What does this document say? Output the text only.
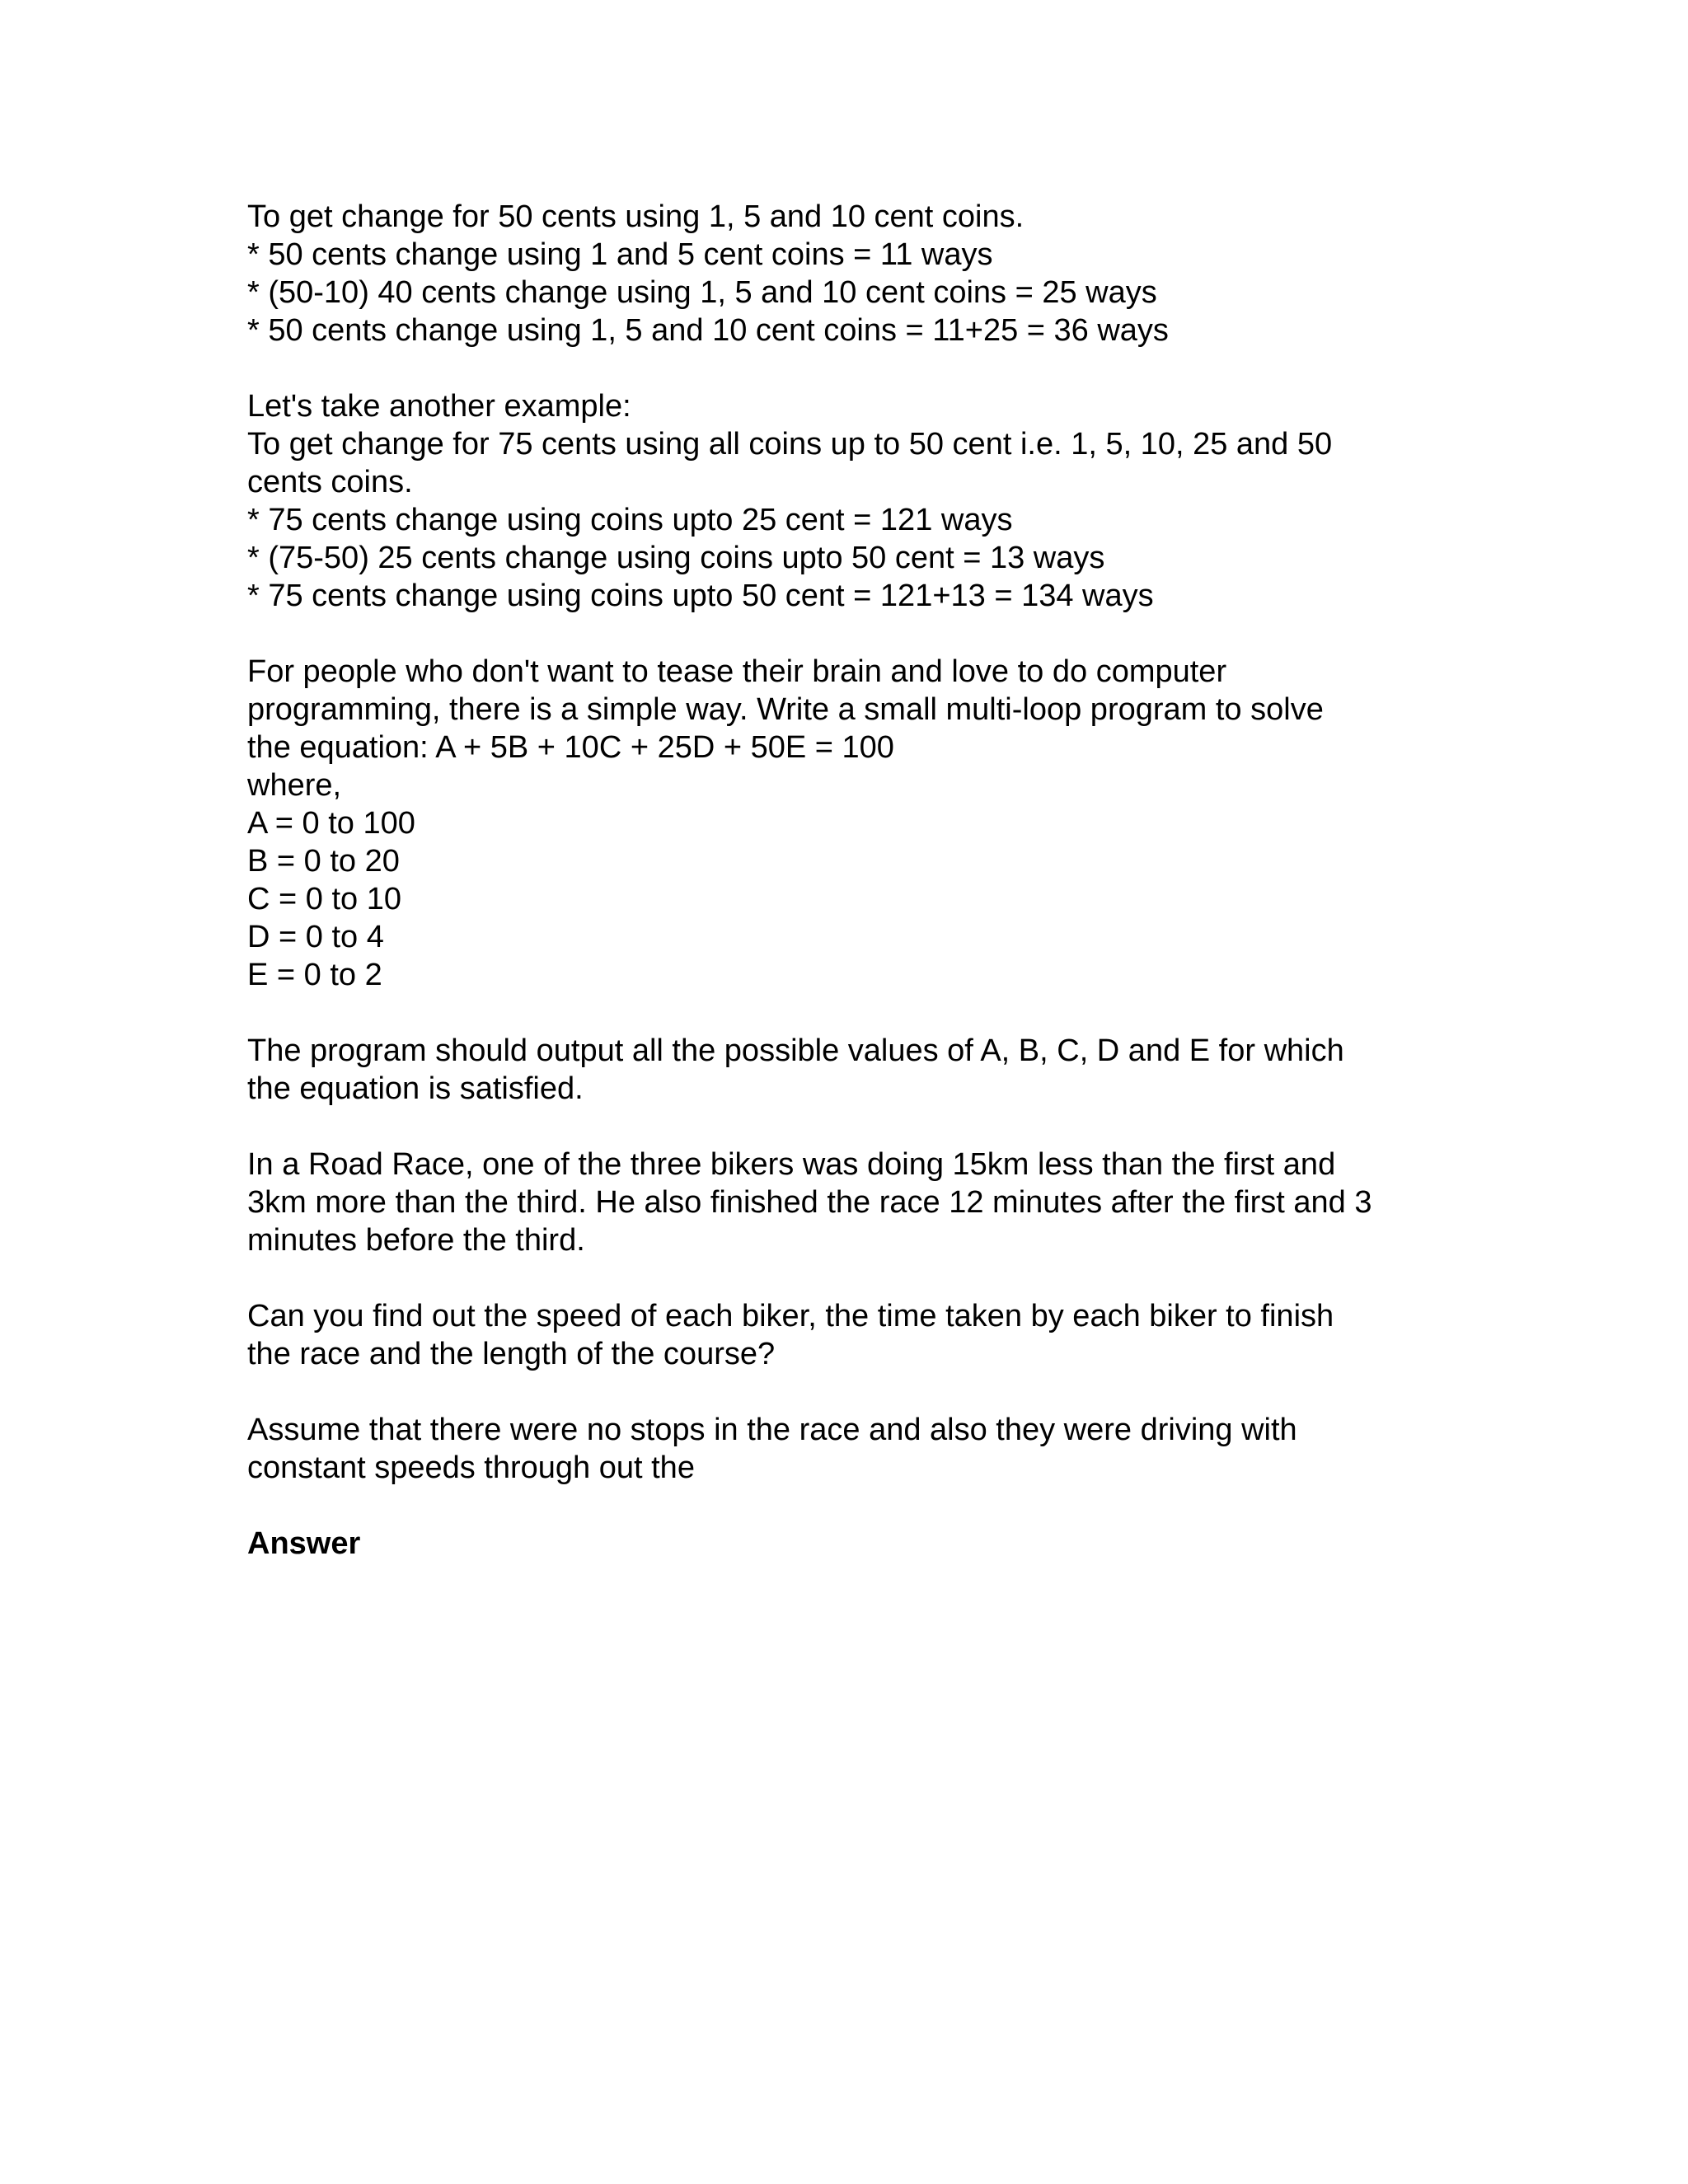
To get change for 50 cents using 1, 5 and 10 cent coins.
* 50 cents change using 1 and 5 cent coins = 11 ways
* (50-10) 40 cents change using 1, 5 and 10 cent coins = 25 ways
* 50 cents change using 1, 5 and 10 cent coins = 11+25 = 36 ways
Let's take another example:
To get change for 75 cents using all coins up to 50 cent i.e. 1, 5, 10, 25 and 50
cents coins.
* 75 cents change using coins upto 25 cent = 121 ways
* (75-50) 25 cents change using coins upto 50 cent = 13 ways
* 75 cents change using coins upto 50 cent = 121+13 = 134 ways
For people who don't want to tease their brain and love to do computer
programming, there is a simple way. Write a small multi-loop program to solve
the equation: A + 5B + 10C + 25D + 50E = 100
where,
A = 0 to 100
B = 0 to 20
C = 0 to 10
D = 0 to 4
E = 0 to 2
The program should output all the possible values of A, B, C, D and E for which
the equation is satisfied.
In a Road Race, one of the three bikers was doing 15km less than the first and
3km more than the third. He also finished the race 12 minutes after the first and 3
minutes before the third.
Can you find out the speed of each biker, the time taken by each biker to finish
the race and the length of the course?
Assume that there were no stops in the race and also they were driving with
constant speeds through out the
Answer
